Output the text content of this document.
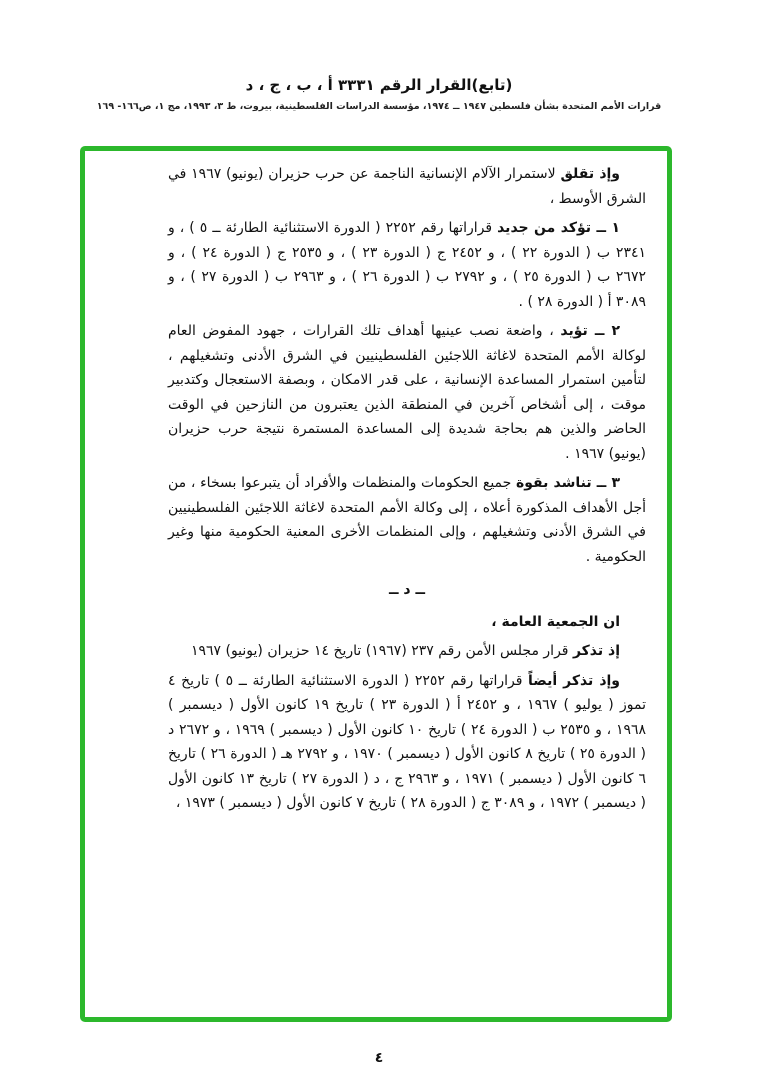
(تابع)القرار الرقم ٣٣٣١ أ ، ب ، ج ، د
قرارات الأمم المتحدة بشأن فلسطين ١٩٤٧ ــ ١٩٧٤، مؤسسة الدراسات الفلسطينية، بيروت، ط ٣، ١٩٩٣، مج ١، ص١٦٦- ١٦٩

وإذ تقلق لاستمرار الآلام الإنسانية الناجمة عن حرب حزيران (يونيو) ١٩٦٧ في الشرق الأوسط ،

١ ــ تؤكد من جديد قراراتها رقم ٢٢٥٢ ( الدورة الاستثنائية الطارئة ــ ٥ ) ، و ٢٣٤١ ب ( الدورة ٢٢ ) ، و ٢٤٥٢ ج ( الدورة ٢٣ ) ، و ٢٥٣٥ ج ( الدورة ٢٤ ) ، و ٢٦٧٢ ب ( الدورة ٢٥ ) ، و ٢٧٩٢ ب ( الدورة ٢٦ ) ، و ٢٩٦٣ ب ( الدورة ٢٧ ) ، و ٣٠٨٩ أ ( الدورة ٢٨ ) .

٢ ــ تؤيد ، واضعة نصب عينيها أهداف تلك القرارات ، جهود المفوض العام لوكالة الأمم المتحدة لاغاثة اللاجئين الفلسطينيين في الشرق الأدنى وتشغيلهم ، لتأمين استمرار المساعدة الإنسانية ، على قدر الامكان ، وبصفة الاستعجال وكتدبير موقت ، إلى أشخاص آخرين في المنطقة الذين يعتبرون من النازحين في الوقت الحاضر والذين هم بحاجة شديدة إلى المساعدة المستمرة نتيجة حرب حزيران (يونيو) ١٩٦٧ .

٣ ــ تناشد بقوة جميع الحكومات والمنظمات والأفراد أن يتبرعوا بسخاء ، من أجل الأهداف المذكورة أعلاه ، إلى وكالة الأمم المتحدة لاغاثة اللاجئين الفلسطينيين في الشرق الأدنى وتشغيلهم ، وإلى المنظمات الأخرى المعنية الحكومية منها وغير الحكومية .

ــ د ــ

ان الجمعية العامة ،

إذ تذكر قرار مجلس الأمن رقم ٢٣٧ (١٩٦٧) تاريخ ١٤ حزيران (يونيو) ١٩٦٧

وإذ تذكر أيضاً قراراتها رقم ٢٢٥٢ ( الدورة الاستثنائية الطارئة ــ ٥ ) تاريخ ٤ تموز ( يوليو ) ١٩٦٧ ، و ٢٤٥٢ أ ( الدورة ٢٣ ) تاريخ ١٩ كانون الأول ( ديسمبر ) ١٩٦٨ ، و ٢٥٣٥ ب ( الدورة ٢٤ ) تاريخ ١٠ كانون الأول ( ديسمبر ) ١٩٦٩ ، و ٢٦٧٢ د ( الدورة ٢٥ ) تاريخ ٨ كانون الأول ( ديسمبر ) ١٩٧٠ ، و ٢٧٩٢ هـ ( الدورة ٢٦ ) تاريخ ٦ كانون الأول ( ديسمبر ) ١٩٧١ ، و ٢٩٦٣ ج ، د ( الدورة ٢٧ ) تاريخ ١٣ كانون الأول ( ديسمبر ) ١٩٧٢ ، و ٣٠٨٩ ج ( الدورة ٢٨ ) تاريخ ٧ كانون الأول ( ديسمبر ) ١٩٧٣ ،

٤
